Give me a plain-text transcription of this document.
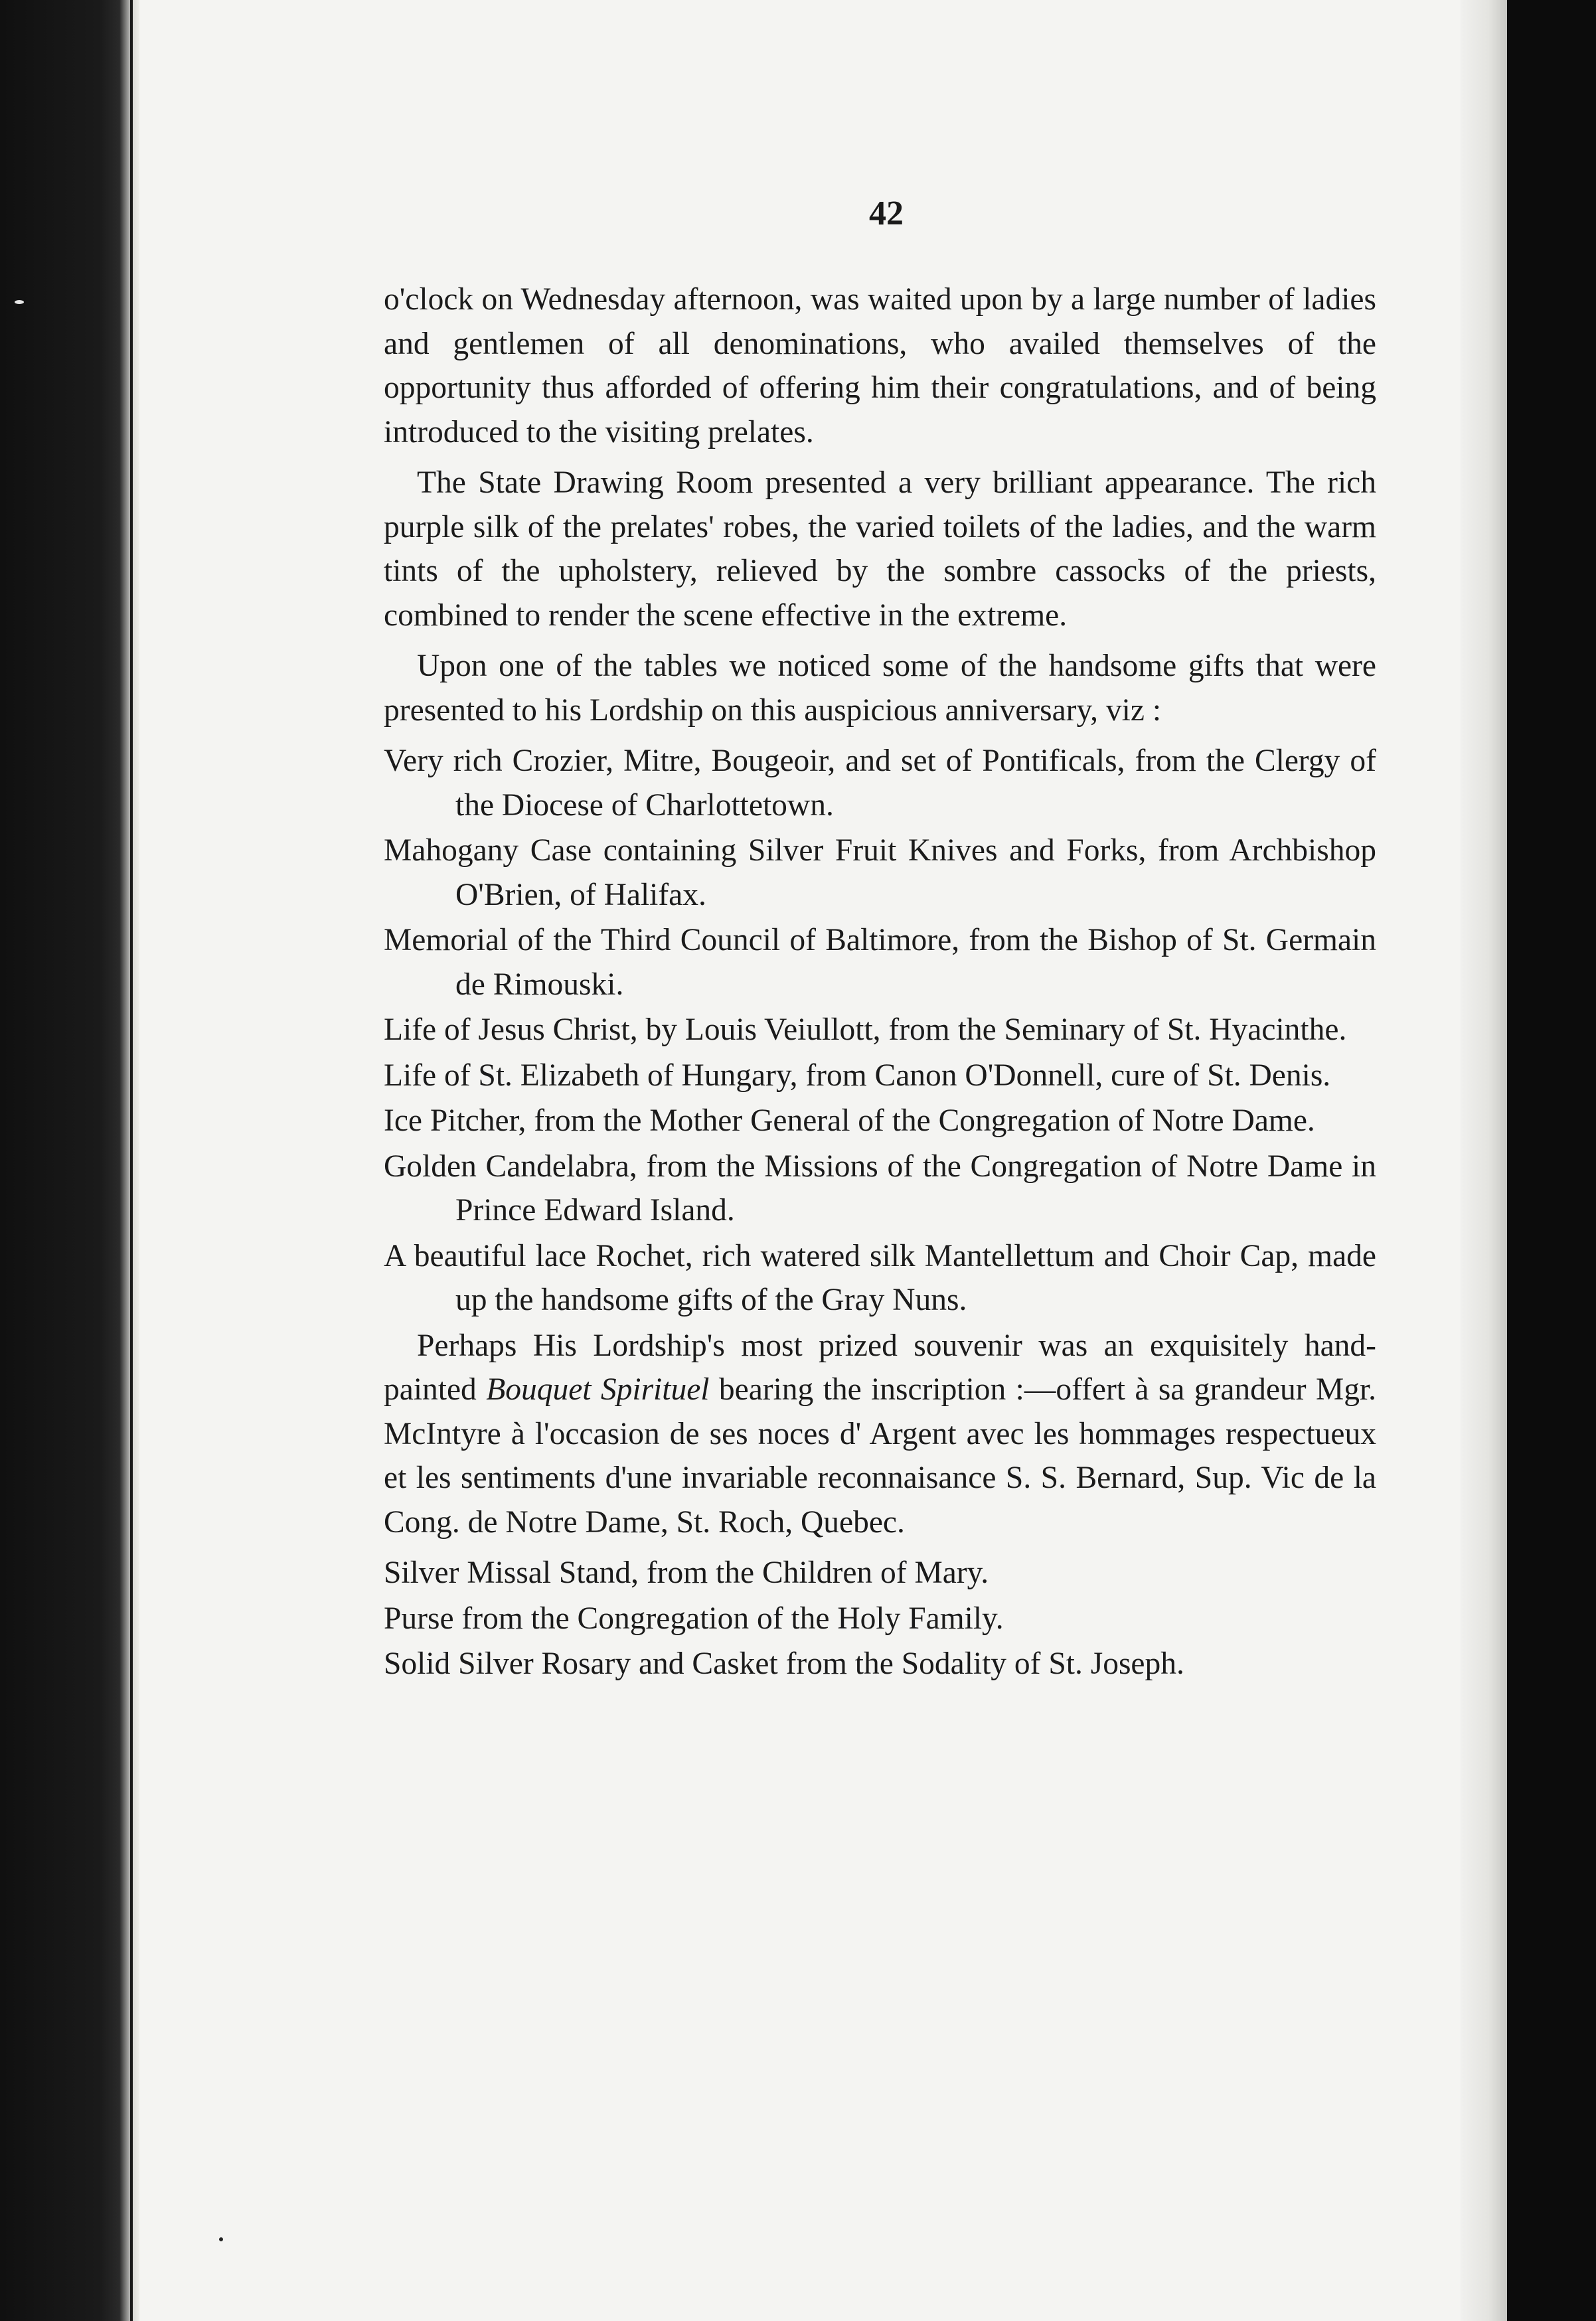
42

o'clock on Wednesday afternoon, was waited upon by a large number of ladies and gentlemen of all denominations, who availed themselves of the opportunity thus afforded of offering him their congratulations, and of being introduced to the visiting prelates.

The State Drawing Room presented a very brilliant appearance. The rich purple silk of the prelates' robes, the varied toilets of the ladies, and the warm tints of the upholstery, relieved by the sombre cassocks of the priests, combined to render the scene effective in the extreme.

Upon one of the tables we noticed some of the handsome gifts that were presented to his Lordship on this auspicious anniversary, viz :

Very rich Crozier, Mitre, Bougeoir, and set of Pontificals, from the Clergy of the Diocese of Charlottetown.

Mahogany Case containing Silver Fruit Knives and Forks, from Archbishop O'Brien, of Halifax.

Memorial of the Third Council of Baltimore, from the Bishop of St. Germain de Rimouski.

Life of Jesus Christ, by Louis Veiullott, from the Seminary of St. Hyacinthe.

Life of St. Elizabeth of Hungary, from Canon O'Donnell, cure of St. Denis.

Ice Pitcher, from the Mother General of the Congregation of Notre Dame.

Golden Candelabra, from the Missions of the Congregation of Notre Dame in Prince Edward Island.

A beautiful lace Rochet, rich watered silk Mantellettum and Choir Cap, made up the handsome gifts of the Gray Nuns.

Perhaps His Lordship's most prized souvenir was an exquisitely hand-painted Bouquet Spirituel bearing the inscription :—offert à sa grandeur Mgr. McIntyre à l'occasion de ses noces d' Argent avec les hommages respectueux et les sentiments d'une invariable reconnaisance S. S. Bernard, Sup. Vic de la Cong. de Notre Dame, St. Roch, Quebec.

Silver Missal Stand, from the Children of Mary.

Purse from the Congregation of the Holy Family.

Solid Silver Rosary and Casket from the Sodality of St. Joseph.
